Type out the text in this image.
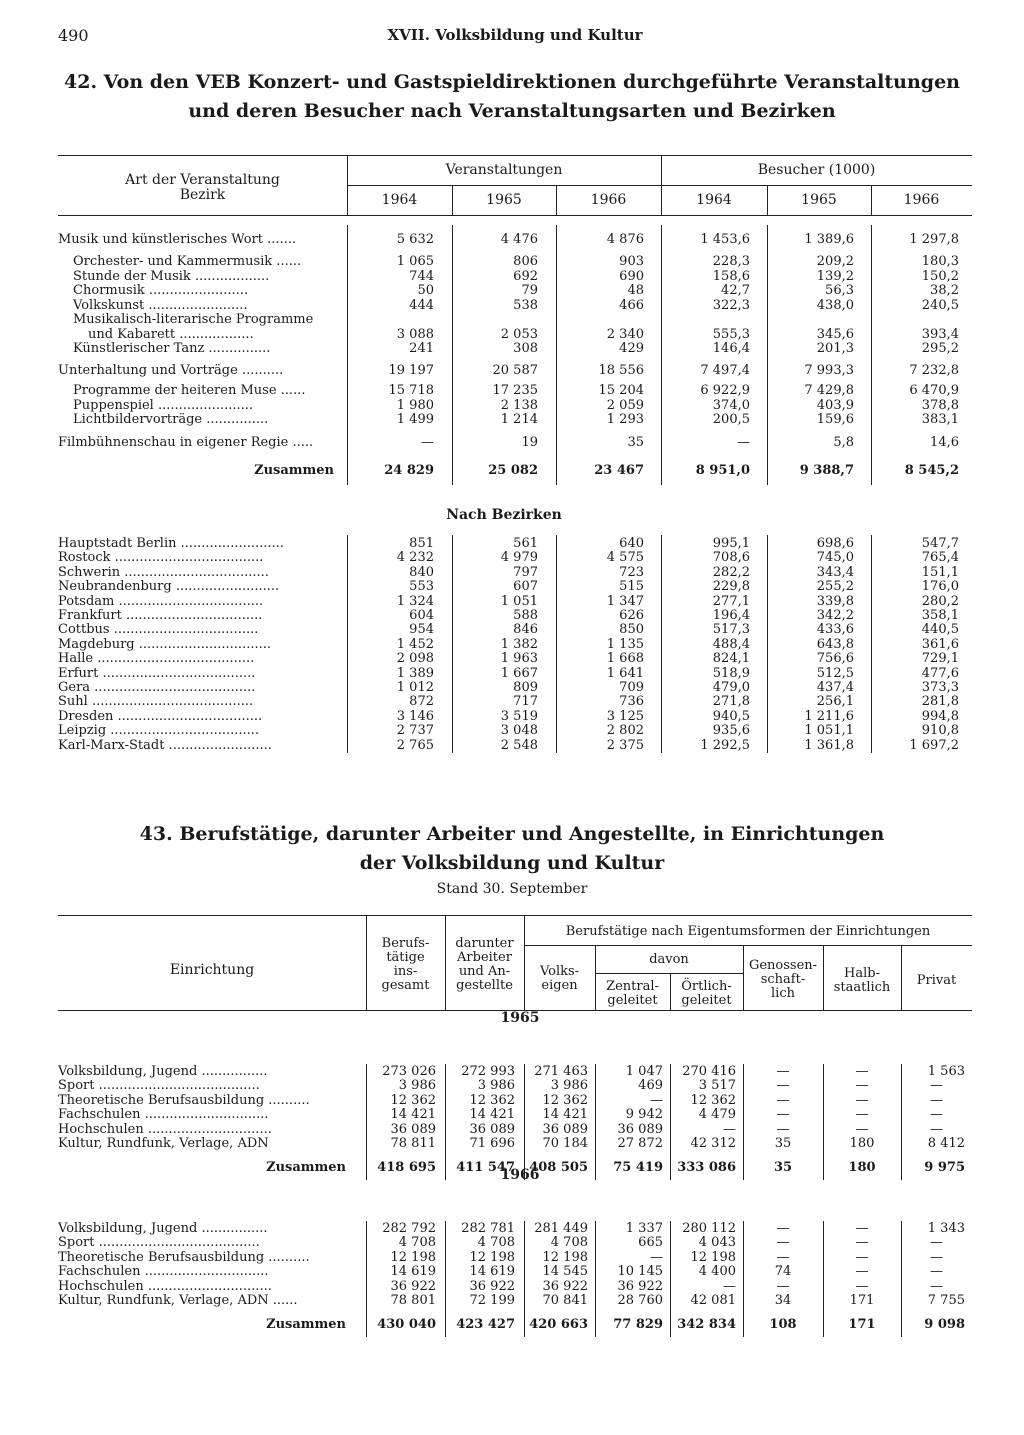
490	XVII. Volksbildung und Kultur
42. Von den VEB Konzert- und Gastspieldirektionen durchgeführte Veranstaltungen
und deren Besucher nach Veranstaltungsarten und Bezirken
Art der Veranstaltung
Bezirk
Veranstaltungen	Besucher (1000)
1964	1965	1966	1964	1965	1966
Nach Bezirken
Musik und künstlerisches Wort .......	5 632	4 476	4 876	1 453,6	1 389,6	1 297,8
Orchester- und Kammermusik ......	1 065	806	903	228,3	209,2	180,3
Stunde der Musik ..................	744	692	690	158,6	139,2	150,2
Chormusik ........................	50	79	48	42,7	56,3	38,2
Volkskunst ........................	444	538	466	322,3	438,0	240,5
Musikalisch-literarische Programme
und Kabarett ..................	3 088	2 053	2 340	555,3	345,6	393,4
Künstlerischer Tanz ...............	241	308	429	146,4	201,3	295,2
Unterhaltung und Vorträge ..........	19 197	20 587	18 556	7 497,4	7 993,3	7 232,8
Programme der heiteren Muse ......	15 718	17 235	15 204	6 922,9	7 429,8	6 470,9
Puppenspiel .......................	1 980	2 138	2 059	374,0	403,9	378,8
Lichtbildervorträge ...............	1 499	1 214	1 293	200,5	159,6	383,1
Filmbühnenschau in eigener Regie .....	—	19	35	—	5,8	14,6
Zusammen	24 829	25 082	23 467	8 951,0	9 388,7	8 545,2
Hauptstadt Berlin .........................	851	561	640	995,1	698,6	547,7
Rostock ....................................	4 232	4 979	4 575	708,6	745,0	765,4
Schwerin ...................................	840	797	723	282,2	343,4	151,1
Neubrandenburg .........................	553	607	515	229,8	255,2	176,0
Potsdam ...................................	1 324	1 051	1 347	277,1	339,8	280,2
Frankfurt .................................	604	588	626	196,4	342,2	358,1
Cottbus ...................................	954	846	850	517,3	433,6	440,5
Magdeburg ................................	1 452	1 382	1 135	488,4	643,8	361,6
Halle ......................................	2 098	1 963	1 668	824,1	756,6	729,1
Erfurt .....................................	1 389	1 667	1 641	518,9	512,5	477,6
Gera .......................................	1 012	809	709	479,0	437,4	373,3
Suhl .......................................	872	717	736	271,8	256,1	281,8
Dresden ...................................	3 146	3 519	3 125	940,5	1 211,6	994,8
Leipzig ....................................	2 737	3 048	2 802	935,6	1 051,1	910,8
Karl-Marx-Stadt .........................	2 765	2 548	2 375	1 292,5	1 361,8	1 697,2
43. Berufstätige, darunter Arbeiter und Angestellte, in Einrichtungen
der Volksbildung und Kultur
Stand 30. September
Einrichtung
Berufs-
tätige
ins-
gesamt
darunter
Arbeiter
und An-
gestellte
Berufstätige nach Eigentumsformen der Einrichtungen
Volks-
eigen
davon
Zentral-
geleitet
Örtlich-
geleitet
Genossen-
schaft-
lich
Halb-
staatlich	Privat
1965
Volksbildung, Jugend ................	273 026	272 993	271 463	1 047	270 416	—	—	1 563
Sport .......................................	3 986	3 986	3 986	469	3 517	—	—	—
Theoretische Berufsausbildung ..........	12 362	12 362	12 362	—	12 362	—	—	—
Fachschulen ..............................	14 421	14 421	14 421	9 942	4 479	—	—	—
Hochschulen ..............................	36 089	36 089	36 089	36 089	—	—	—	—
Kultur, Rundfunk, Verlage, ADN	78 811	71 696	70 184	27 872	42 312	35	180	8 412
Zusammen	418 695	411 547	408 505	75 419	333 086	35	180	9 975
1966
Volksbildung, Jugend ................	282 792	282 781	281 449	1 337	280 112	—	—	1 343
Sport .......................................	4 708	4 708	4 708	665	4 043	—	—	—
Theoretische Berufsausbildung ..........	12 198	12 198	12 198	—	12 198	—	—	—
Fachschulen ..............................	14 619	14 619	14 545	10 145	4 400	74	—	—
Hochschulen ..............................	36 922	36 922	36 922	36 922	—	—	—	—
Kultur, Rundfunk, Verlage, ADN ......	78 801	72 199	70 841	28 760	42 081	34	171	7 755
Zusammen	430 040	423 427	420 663	77 829	342 834	108	171	9 098
